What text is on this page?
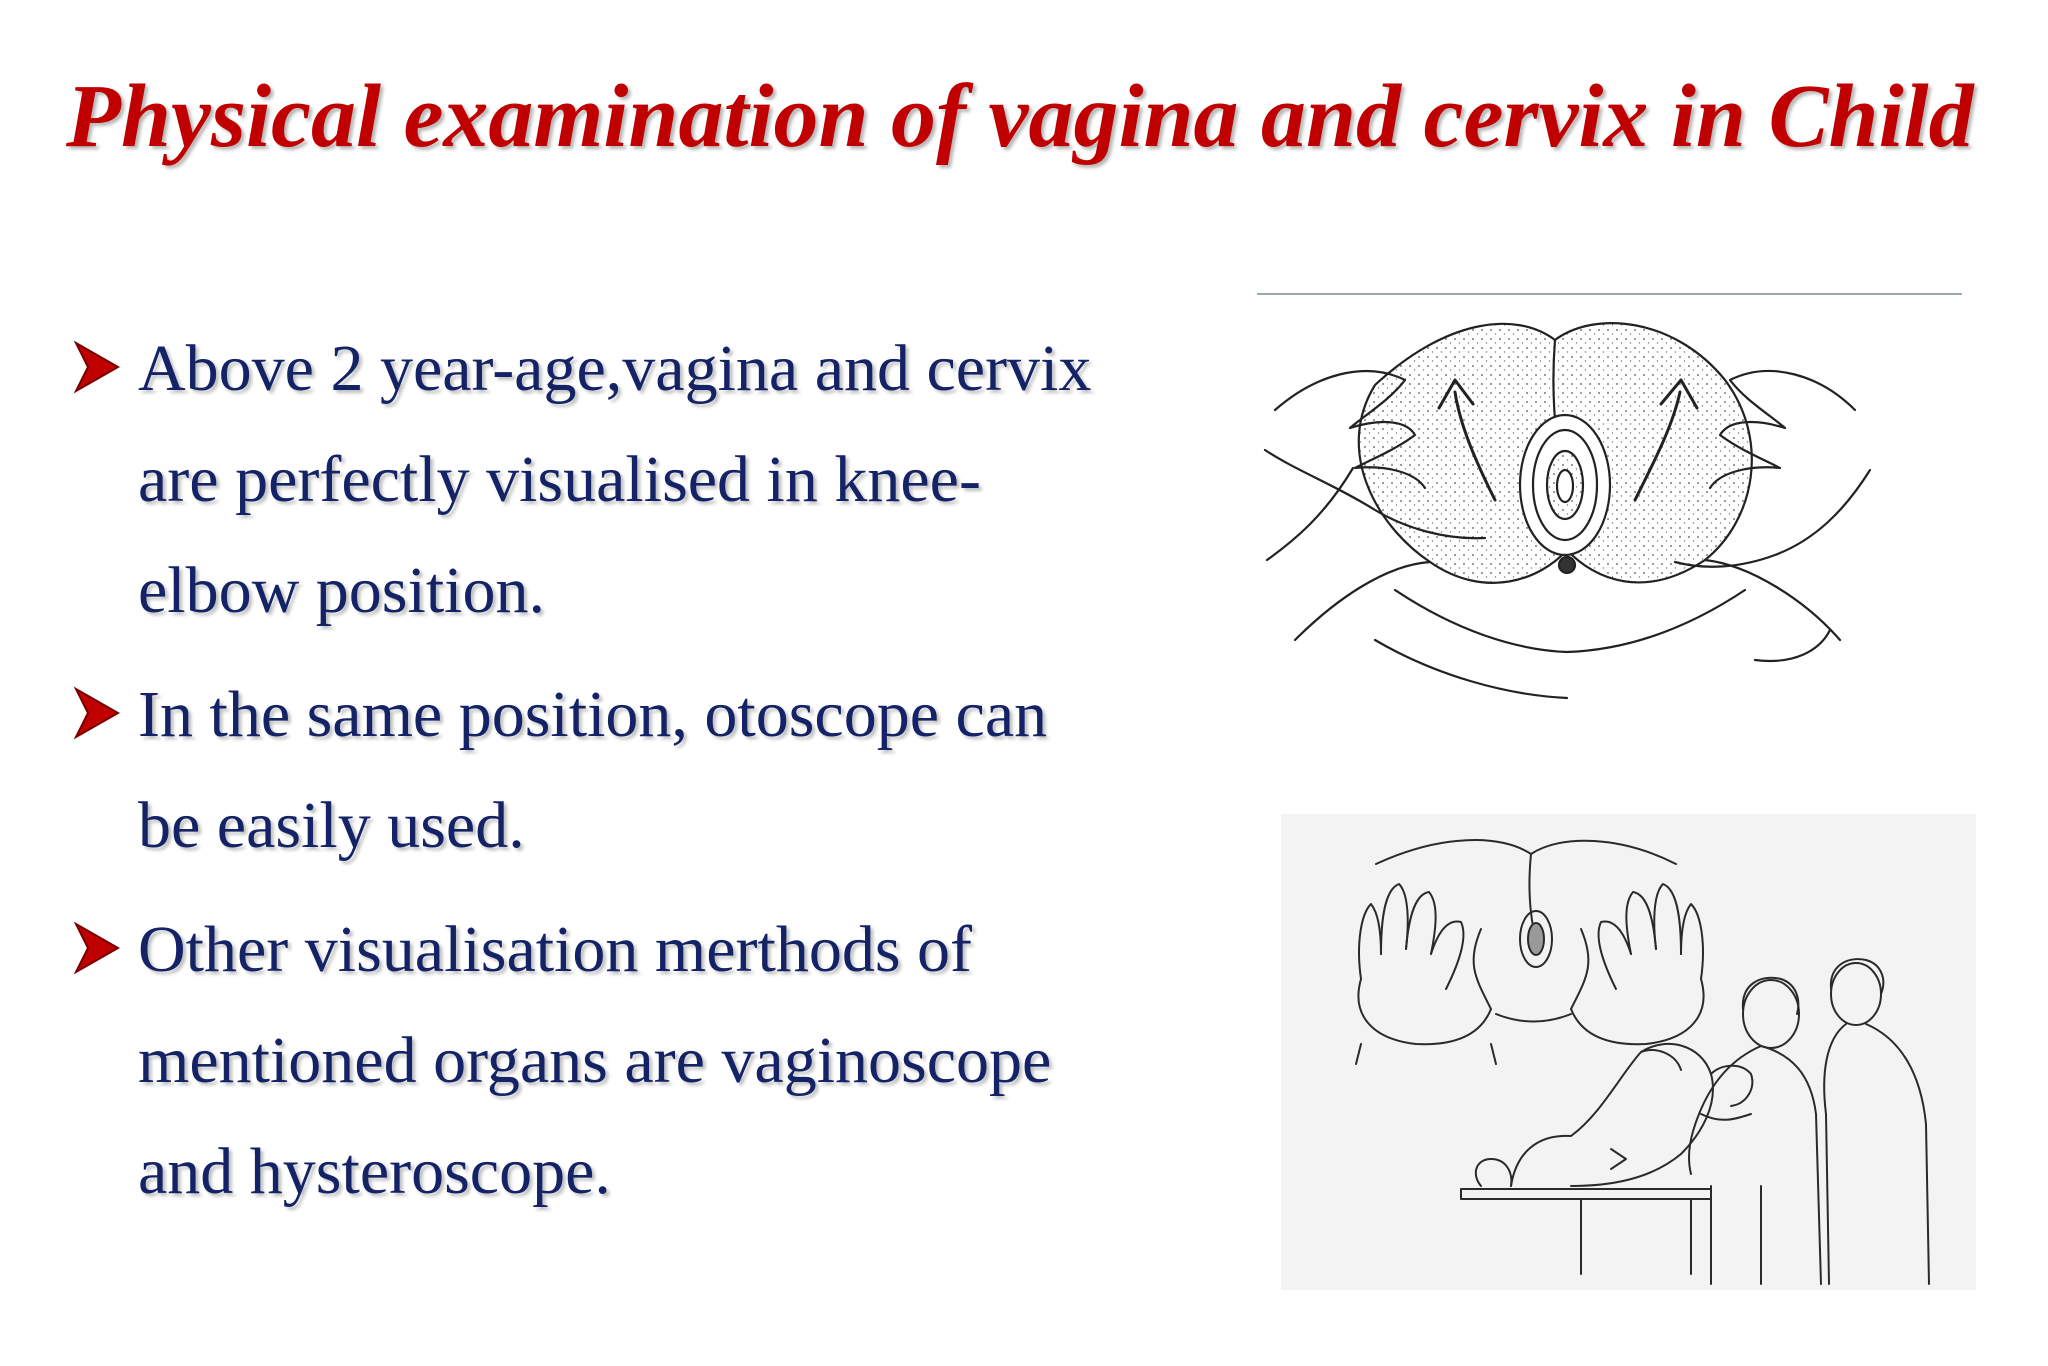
Physical examination of vagina and cervix in Child
Above 2 year-age,vagina and cervix are perfectly visualised in knee-elbow position.
In the same position, otoscope can be easily used.
Other visualisation merthods of mentioned organs are vaginoscope and hysteroscope.
